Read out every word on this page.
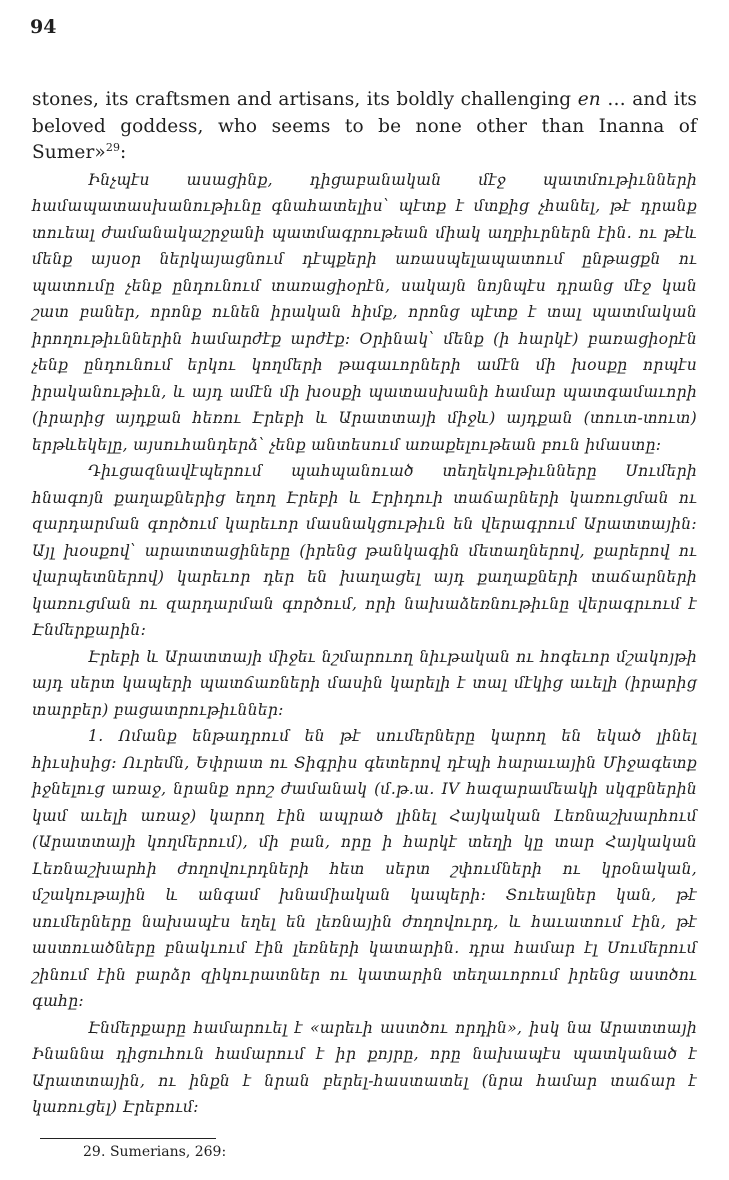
94

stones, its craftsmen and artisans, its boldly challenging en … and its beloved goddess, who seems to be none other than Inanna of Sumer»$^{29}$:

Ինչպէս ասացինք, դիցաբանական մէջ պատմութիւնների համապատասխանութիւնը գնահատելիս՝ պէտք է մտքից չհանել, թէ դրանք տուեալ ժամանակաշրջանի պատմագրութեան միակ աղբիւրներն էին․ ու թէև մենք այսօր ներկայացնում դէպքերի առասպելապատում ընթացքն ու պատումը չենք ընդունում տառացիօրէն, սակայն նոյնպէս դրանց մէջ կան շատ բաներ, որոնք ունեն իրական հիմք, որոնց պէտք է տալ պատմական իրողութիւններին համարժէք արժէք։ Օրինակ՝ մենք (ի հարկէ) բառացիօրէն չենք ընդունում երկու կողմերի թագաւորների ամէն մի խօսքը որպէս իրականութիւն, և այդ ամէն մի խօսքի պատասխանի համար պատգամաւորի (իրարից այդքան հեռու Էրեբի և Արատտայի միջև) այդքան (տուտ-տուտ) երթևեկելը, այսուհանդերձ՝ չենք անտեսում առաքելութեան բուն իմաստը։

Դիւցազնավէպերում պահպանուած տեղեկութիւնները Սումերի հնագոյն քաղաքներից եղող Էրեբի և Էրիդուի տաճարների կառուցման ու զարդարման գործում կարեւոր մասնակցութիւն են վերագրում Արատտային։ Այլ խօսքով՝ արատտացիները (իրենց թանկագին մետաղներով, քարերով ու վարպետներով) կարեւոր դեր են խաղացել այդ քաղաքների տաճարների կառուցման ու զարդարման գործում, որի նախաձեռնութիւնը վերագրւում է Էնմերքարին։

Էրեբի և Արատտայի միջեւ նշմարուող նիւթական ու հոգեւոր մշակոյթի այդ սերտ կապերի պատճառների մասին կարելի է տալ մէկից աւելի (իրարից տարբեր) բացատրութիւններ։

1․ Ոմանք ենթադրում են թէ սումերները կարող են եկած լինել հիւսիսից։ Ուրեմն, Եփրատ ու Տիգրիս գետերով դէպի հարաւային Միջագետք իջնելուց առաջ, նրանք որոշ ժամանակ (մ․թ․ա․ IV հազարամեակի սկզբներին կամ աւելի առաջ) կարող էին ապրած լինել Հայկական Լեռնաշխարհում (Արատտայի կողմերում), մի բան, որը ի հարկէ տեղի կը տար Հայկական Լեռնաշխարհի ժողովուրդների հետ սերտ շփումների ու կրօնական, մշակութային և անգամ խնամիական կապերի։ Տուեալներ կան, թէ սումերները նախապէս եղել են լեռնային ժողովուրդ, և հաւատում էին, թէ աստուածները բնակւում էին լեռների կատարին․ դրա համար էլ Սումերում շինում էին բարձր զիկուրատներ ու կատարին տեղաւորում իրենց աստծու գահը։

Էնմերքարը համարուել է «արեւի աստծու որդին», իսկ նա Արատտայի Ինաննա դիցուհուն համարում է իր քոյրը, որը նախապէս պատկանած է Արատտային, ու ինքն է նրան բերել-հաստատել (նրա համար տաճար է կառուցել) Էրեբում։

29․ Sumerians, 269։
